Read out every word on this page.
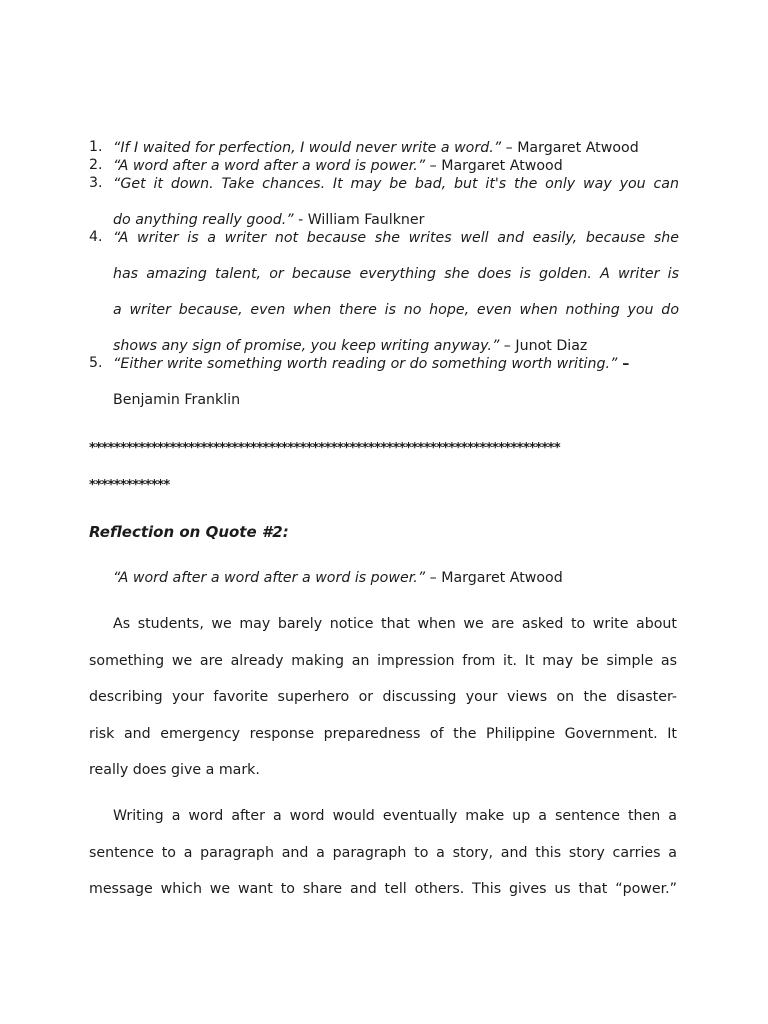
1. “If I waited for perfection, I would never write a word.” – Margaret Atwood
2. “A word after a word after a word is power.” – Margaret Atwood
3. “Get it down. Take chances. It may be bad, but it's the only way you can
do anything really good.” - William Faulkner
4. “A writer is a writer not because she writes well and easily, because she
has amazing talent, or because everything she does is golden. A writer is
a writer because, even when there is no hope, even when nothing you do
shows any sign of promise, you keep writing anyway.” – Junot Diaz
5. “Either write something worth reading or do something worth writing.” –
Benjamin Franklin
****************************************************************************
*************
Reflection on Quote #2:
“A word after a word after a word is power.” – Margaret Atwood
As students, we may barely notice that when we are asked to write about
something we are already making an impression from it. It may be simple as
describing your favorite superhero or discussing your views on the disaster-
risk and emergency response preparedness of the Philippine Government. It
really does give a mark.
Writing a word after a word would eventually make up a sentence then a
sentence to a paragraph and a paragraph to a story, and this story carries a
message which we want to share and tell others. This gives us that “power.”
